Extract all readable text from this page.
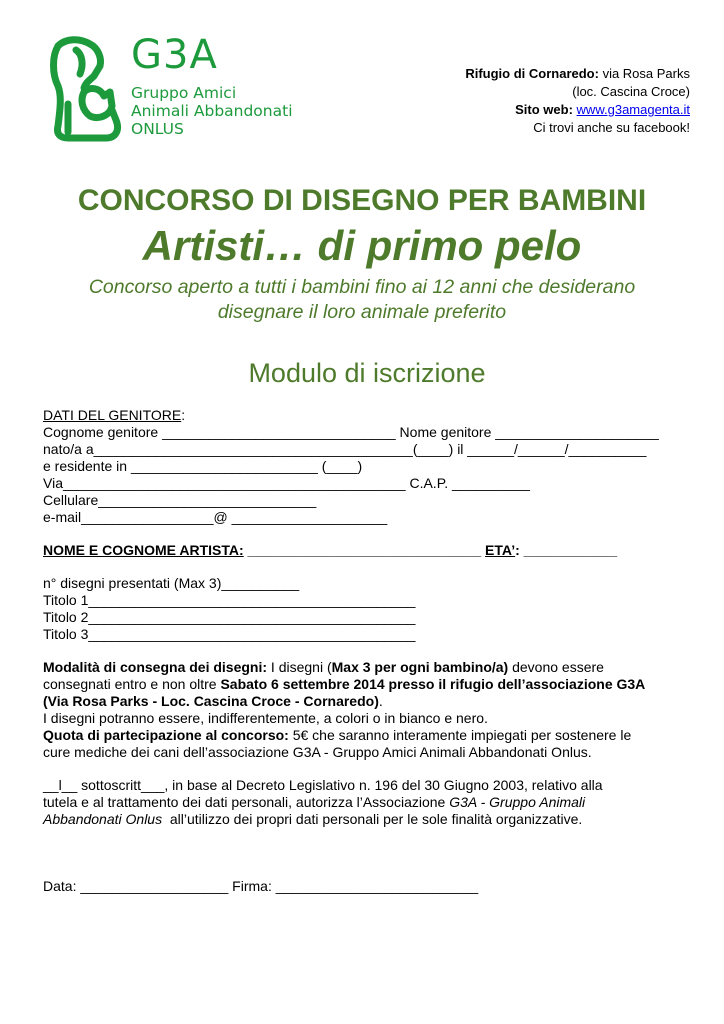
G3A
Gruppo Amici
Animali Abbandonati
ONLUS
Rifugio di Cornaredo: via Rosa Parks
(loc. Cascina Croce)
Sito web: www.g3amagenta.it
Ci trovi anche su facebook!
CONCORSO DI DISEGNO PER BAMBINI
Artisti… di primo pelo
Concorso aperto a tutti i bambini fino ai 12 anni che desiderano
disegnare il loro animale preferito
Modulo di iscrizione
DATI DEL GENITORE:
Cognome genitore ______________________________ Nome genitore _____________________
nato/a a_________________________________________(____) il ______/______/__________
e residente in ________________________ (____)
Via____________________________________________ C.A.P. __________
Cellulare____________________________
e-mail_________________@ ____________________
NOME E COGNOME ARTISTA: ______________________________ ETA’: ____________
n° disegni presentati (Max 3)__________
Titolo 1__________________________________________
Titolo 2__________________________________________
Titolo 3__________________________________________
Modalità di consegna dei disegni: I disegni (Max 3 per ogni bambino/a) devono essere
consegnati entro e non oltre Sabato 6 settembre 2014 presso il rifugio dell’associazione G3A
(Via Rosa Parks - Loc. Cascina Croce - Cornaredo).
I disegni potranno essere, indifferentemente, a colori o in bianco e nero.
Quota di partecipazione al concorso: 5€ che saranno interamente impiegati per sostenere le
cure mediche dei cani dell’associazione G3A - Gruppo Amici Animali Abbandonati Onlus.
__l__ sottoscritt___, in base al Decreto Legislativo n. 196 del 30 Giugno 2003, relativo alla
tutela e al trattamento dei dati personali, autorizza l’Associazione G3A - Gruppo Animali
Abbandonati Onlus  all’utilizzo dei propri dati personali per le sole finalità organizzative.
Data: ___________________ Firma: __________________________
